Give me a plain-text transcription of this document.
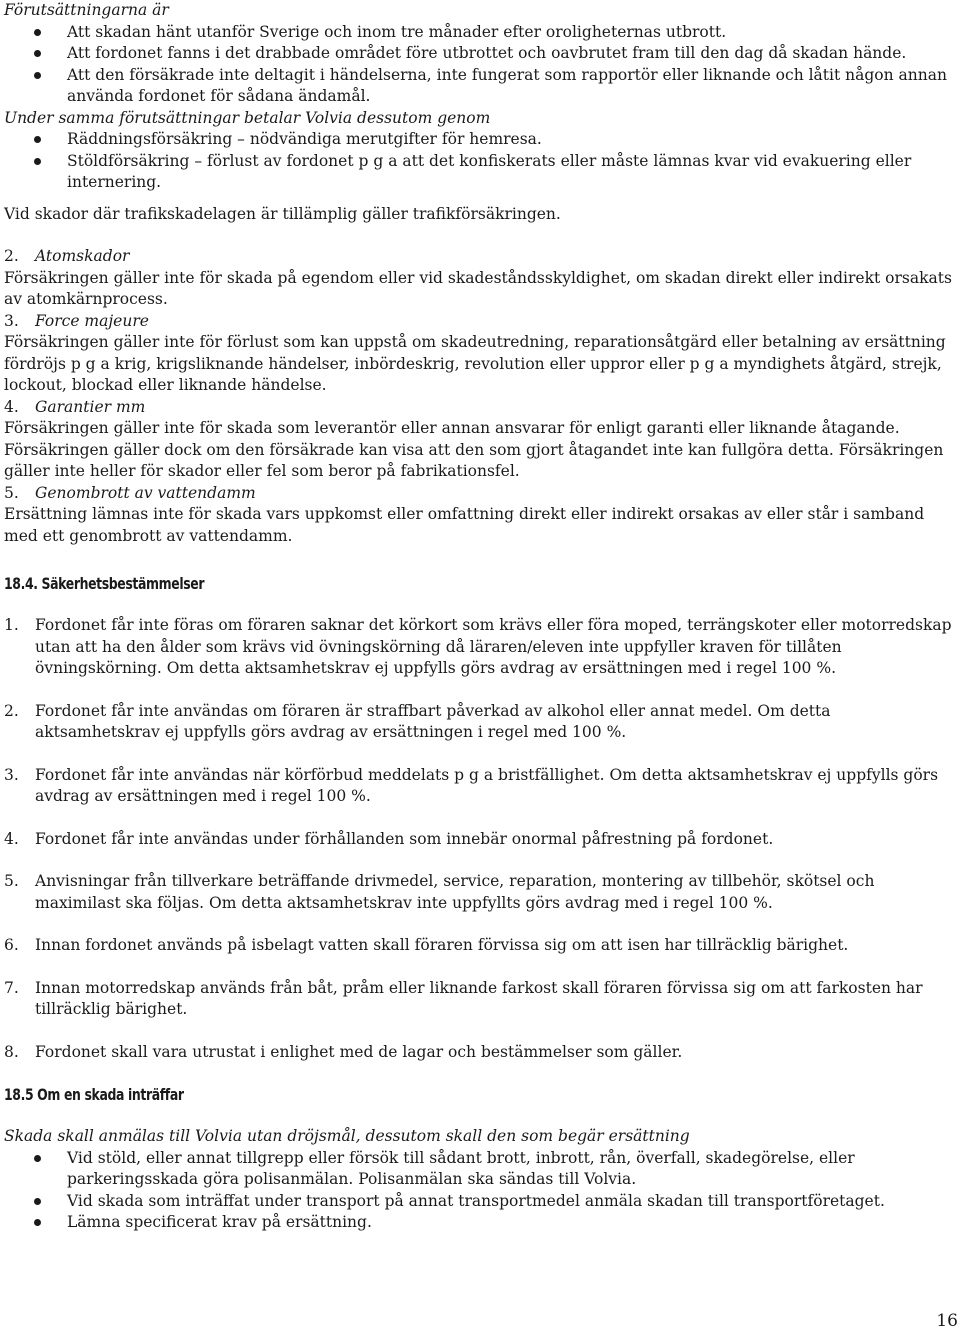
Förutsättningarna är

Att skadan hänt utanför Sverige och inom tre månader efter oroligheternas utbrott.
Att fordonet fanns i det drabbade området före utbrottet och oavbrutet fram till den dag då skadan hände.
Att den försäkrade inte deltagit i händelserna, inte fungerat som rapportör eller liknande och låtit någon annan använda fordonet för sådana ändamål.

Under samma förutsättningar betalar Volvia dessutom genom

Räddningsförsäkring – nödvändiga merutgifter för hemresa.
Stöldförsäkring – förlust av fordonet p g a att det konfiskerats eller måste lämnas kvar vid evakuering eller internering.

Vid skador där trafikskadelagen är tillämplig gäller trafikförsäkringen.

2. Atomskador

Försäkringen gäller inte för skada på egendom eller vid skadeståndsskyldighet, om skadan direkt eller indirekt orsakats av atomkärnprocess.

3. Force majeure

Försäkringen gäller inte för förlust som kan uppstå om skadeutredning, reparationsåtgärd eller betalning av ersättning fördröjs p g a krig, krigsliknande händelser, inbördeskrig, revolution eller uppror eller p g a myndighets åtgärd, strejk, lockout, blockad eller liknande händelse.

4. Garantier mm

Försäkringen gäller inte för skada som leverantör eller annan ansvarar för enligt garanti eller liknande åtagande. Försäkringen gäller dock om den försäkrade kan visa att den som gjort åtagandet inte kan fullgöra detta. Försäkringen gäller inte heller för skador eller fel som beror på fabrikationsfel.

5. Genombrott av vattendamm

Ersättning lämnas inte för skada vars uppkomst eller omfattning direkt eller indirekt orsakas av eller står i samband med ett genombrott av vattendamm.

18.4. Säkerhetsbestämmelser

1. Fordonet får inte föras om föraren saknar det körkort som krävs eller föra moped, terrängskoter eller motorredskap utan att ha den ålder som krävs vid övningskörning då läraren/eleven inte uppfyller kraven för tillåten övningskörning. Om detta aktsamhetskrav ej uppfylls görs avdrag av ersättningen med i regel 100 %.
2. Fordonet får inte användas om föraren är straffbart påverkad av alkohol eller annat medel. Om detta aktsamhetskrav ej uppfylls görs avdrag av ersättningen i regel med 100 %.
3. Fordonet får inte användas när körförbud meddelats p g a bristfällighet. Om detta aktsamhetskrav ej uppfylls görs avdrag av ersättningen med i regel 100 %.
4. Fordonet får inte användas under förhållanden som innebär onormal påfrestning på fordonet.
5. Anvisningar från tillverkare beträffande drivmedel, service, reparation, montering av tillbehör, skötsel och maximilast ska följas. Om detta aktsamhetskrav inte uppfyllts görs avdrag med i regel 100 %.
6. Innan fordonet används på isbelagt vatten skall föraren förvissa sig om att isen har tillräcklig bärighet.
7. Innan motorredskap används från båt, pråm eller liknande farkost skall föraren förvissa sig om att farkosten har tillräcklig bärighet.
8. Fordonet skall vara utrustat i enlighet med de lagar och bestämmelser som gäller.

18.5 Om en skada inträffar

Skada skall anmälas till Volvia utan dröjsmål, dessutom skall den som begär ersättning

Vid stöld, eller annat tillgrepp eller försök till sådant brott, inbrott, rån, överfall, skadegörelse, eller parkeringsskada göra polisanmälan. Polisanmälan ska sändas till Volvia.
Vid skada som inträffat under transport på annat transportmedel anmäla skadan till transportföretaget.
Lämna specificerat krav på ersättning.
16
